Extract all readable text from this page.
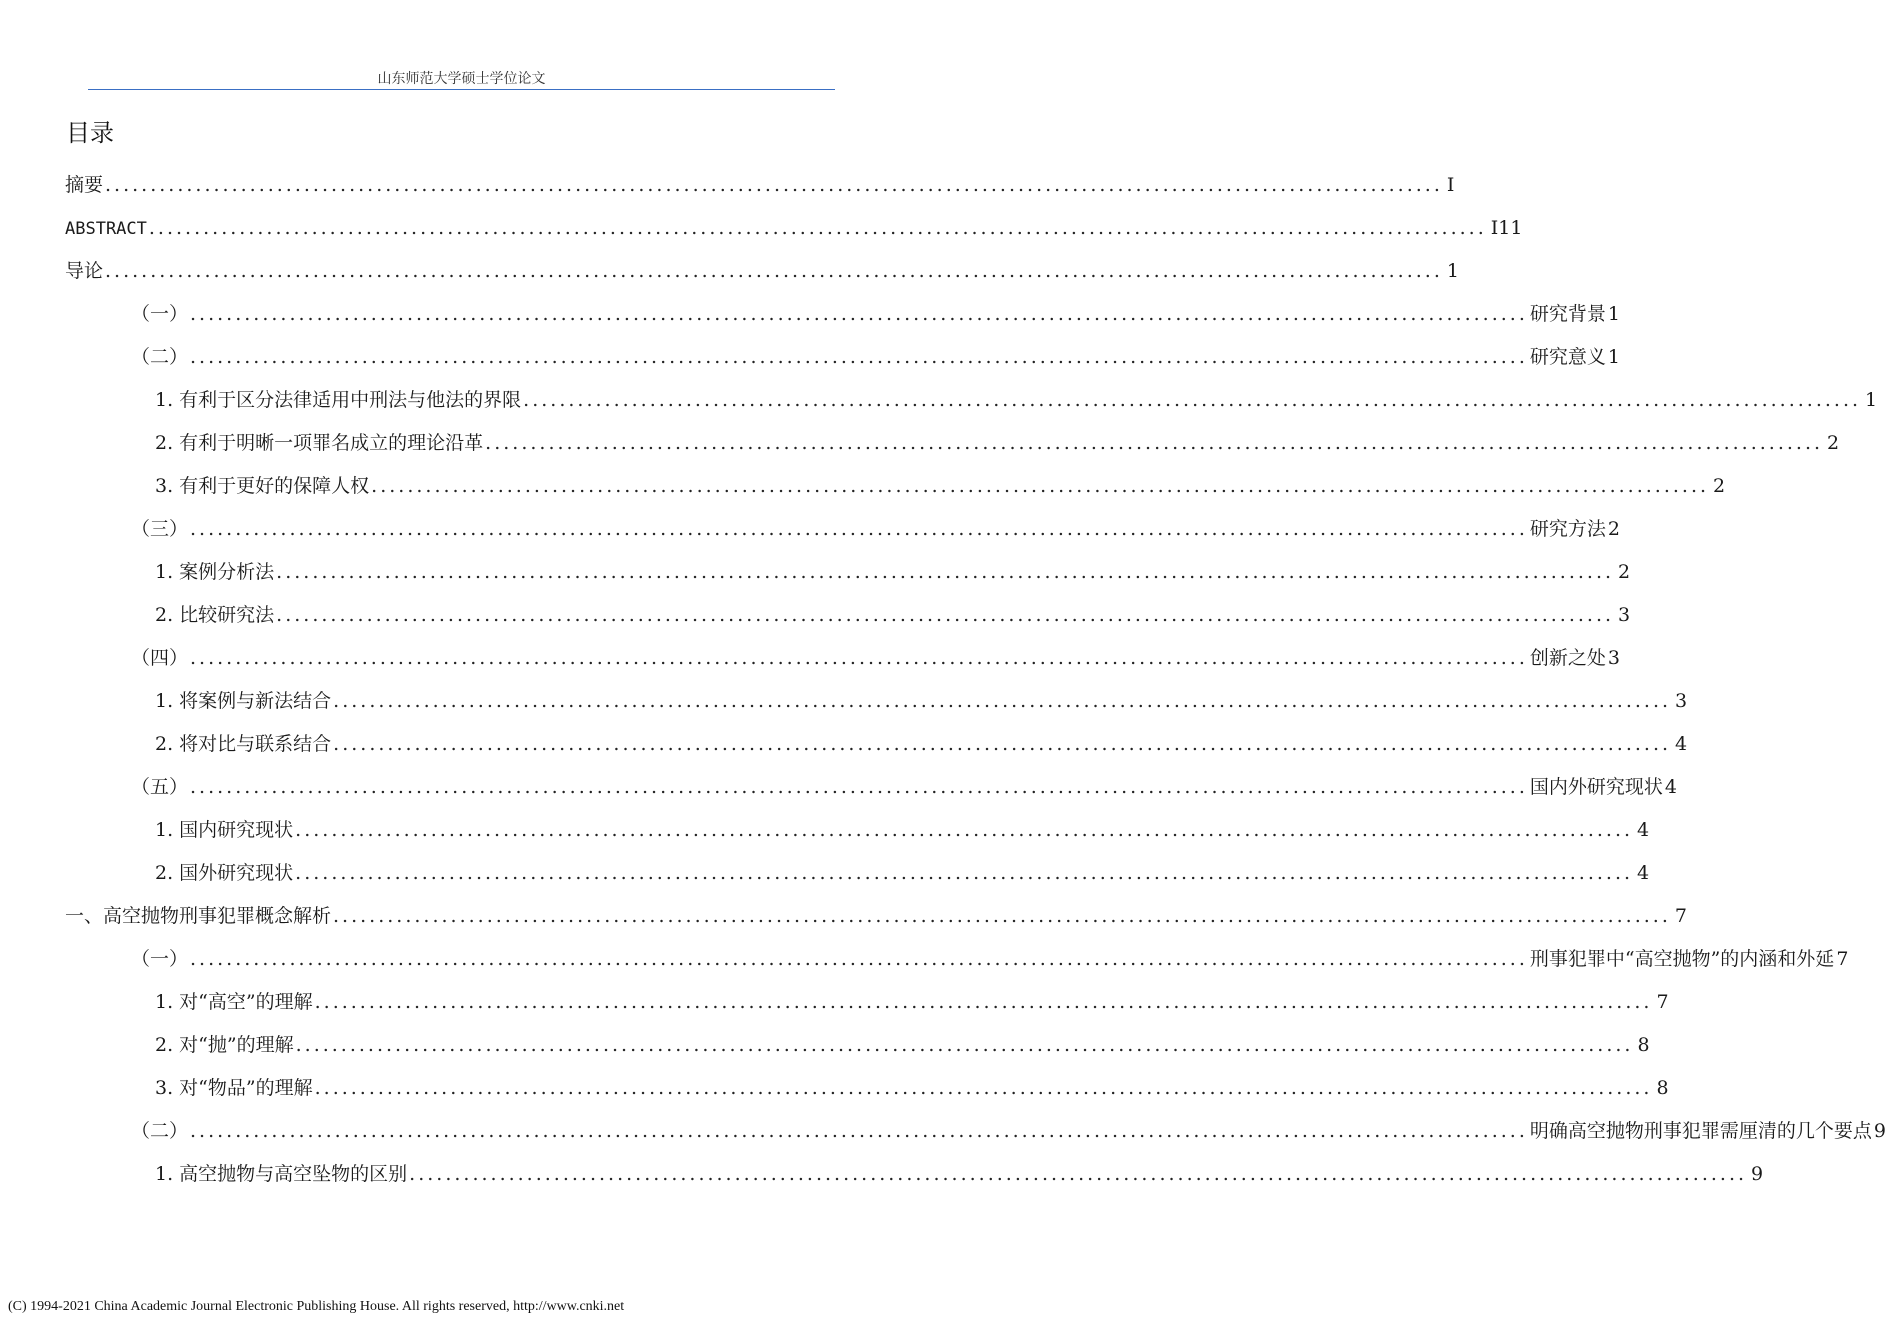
山东师范大学硕士学位论文
目录
摘要 .................................................................................................................................................... I
ABSTRACT .................................................................................................................................................... I11
导论 .................................................................................................................................................... 1
（一） .................................................................................................................................................... 研究背景 1
（二） .................................................................................................................................................... 研究意义 1
1. 有利于区分法律适用中刑法与他法的界限 .................................................................................................................................................... 1
2. 有利于明晰一项罪名成立的理论沿革 .................................................................................................................................................... 2
3. 有利于更好的保障人权 .................................................................................................................................................... 2
（三） .................................................................................................................................................... 研究方法 2
1. 案例分析法 .................................................................................................................................................... 2
2. 比较研究法 .................................................................................................................................................... 3
（四） .................................................................................................................................................... 创新之处 3
1. 将案例与新法结合 .................................................................................................................................................... 3
2. 将对比与联系结合 .................................................................................................................................................... 4
（五） .................................................................................................................................................... 国内外研究现状 4
1. 国内研究现状 .................................................................................................................................................... 4
2. 国外研究现状 .................................................................................................................................................... 4
一、高空抛物刑事犯罪概念解析 .................................................................................................................................................... 7
（一） .................................................................................................................................................... 刑事犯罪中“高空抛物”的内涵和外延 7
1. 对“高空”的理解 .................................................................................................................................................... 7
2. 对“抛”的理解 .................................................................................................................................................... 8
3. 对“物品”的理解 .................................................................................................................................................... 8
（二） .................................................................................................................................................... 明确高空抛物刑事犯罪需厘清的几个要点 9
1. 高空抛物与高空坠物的区别 .................................................................................................................................................... 9
(C) 1994-2021 China Academic Journal Electronic Publishing House. All rights reserved, http://www.cnki.net
